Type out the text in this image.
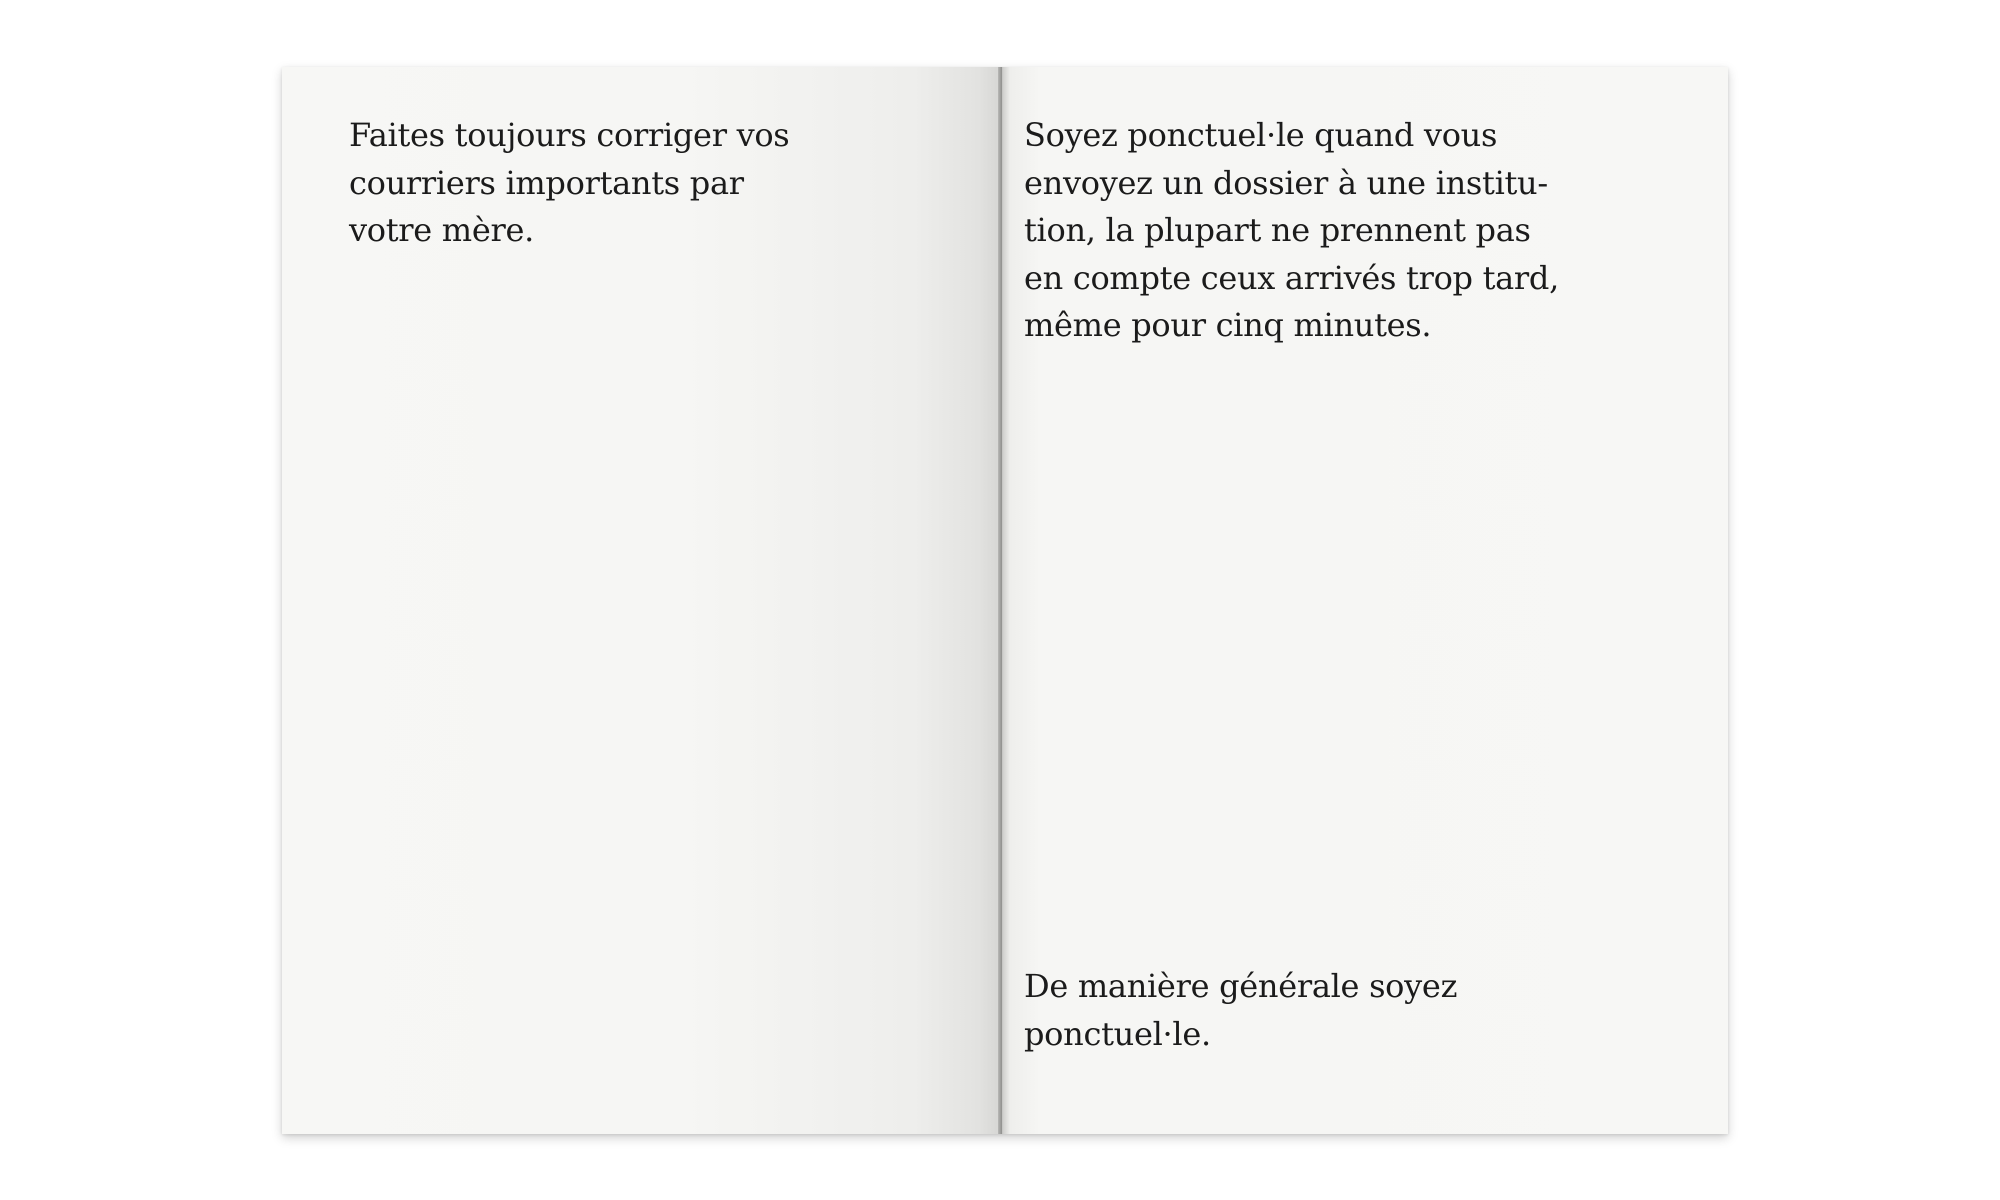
Faites toujours corriger vos
courriers importants par
votre mère.

Soyez ponctuel·le quand vous
envoyez un dossier à une institu-
tion, la plupart ne prennent pas
en compte ceux arrivés trop tard,
même pour cinq minutes.

De manière générale soyez
ponctuel·le.
